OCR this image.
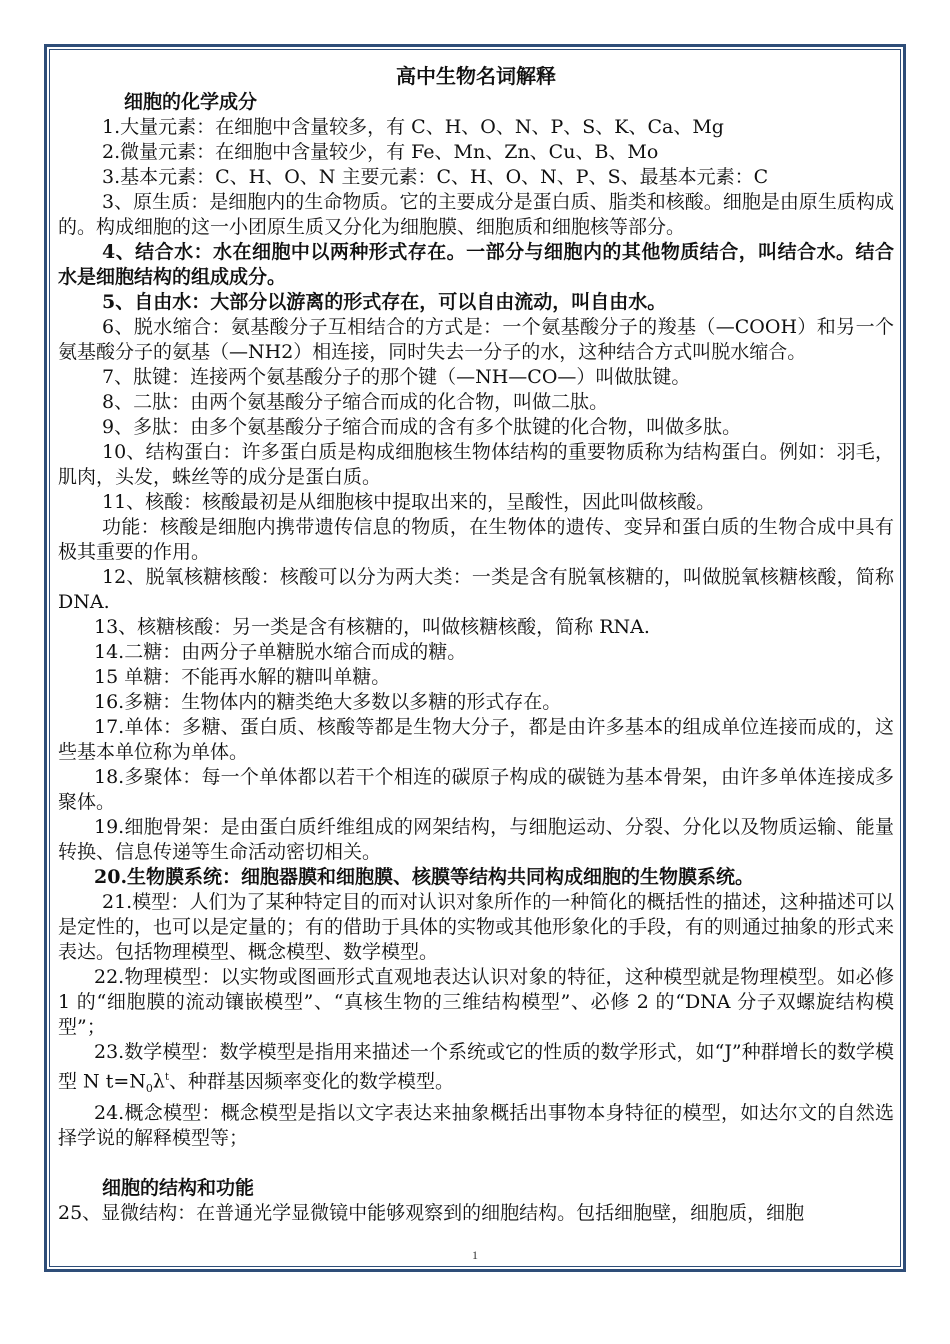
高中生物名词解释

细胞的化学成分

1.大量元素：在细胞中含量较多，有 C、H、O、N、P、S、K、Ca、Mg

2.微量元素：在细胞中含量较少，有 Fe、Mn、Zn、Cu、B、Mo

3.基本元素：C、H、O、N 主要元素：C、H、O、N、P、S、最基本元素：C

3、原生质：是细胞内的生命物质。它的主要成分是蛋白质、脂类和核酸。细胞是由原生质构成的。构成细胞的这一小团原生质又分化为细胞膜、细胞质和细胞核等部分。

4、结合水：水在细胞中以两种形式存在。一部分与细胞内的其他物质结合，叫结合水。结合水是细胞结构的组成成分。

5、自由水：大部分以游离的形式存在，可以自由流动，叫自由水。

6、脱水缩合：氨基酸分子互相结合的方式是：一个氨基酸分子的羧基（—COOH）和另一个氨基酸分子的氨基（—NH2）相连接，同时失去一分子的水，这种结合方式叫脱水缩合。

7、肽键：连接两个氨基酸分子的那个键（—NH—CO—）叫做肽键。

8、二肽：由两个氨基酸分子缩合而成的化合物，叫做二肽。

9、多肽：由多个氨基酸分子缩合而成的含有多个肽键的化合物，叫做多肽。

10、结构蛋白：许多蛋白质是构成细胞核生物体结构的重要物质称为结构蛋白。例如：羽毛，肌肉，头发，蛛丝等的成分是蛋白质。

11、核酸：核酸最初是从细胞核中提取出来的，呈酸性，因此叫做核酸。

功能：核酸是细胞内携带遗传信息的物质，在生物体的遗传、变异和蛋白质的生物合成中具有极其重要的作用。

12、脱氧核糖核酸：核酸可以分为两大类：一类是含有脱氧核糖的，叫做脱氧核糖核酸，简称 DNA.

13、核糖核酸：另一类是含有核糖的，叫做核糖核酸，简称 RNA.

14.二糖：由两分子单糖脱水缩合而成的糖。

15 单糖：不能再水解的糖叫单糖。

16.多糖：生物体内的糖类绝大多数以多糖的形式存在。

17.单体：多糖、蛋白质、核酸等都是生物大分子，都是由许多基本的组成单位连接而成的，这些基本单位称为单体。

18.多聚体：每一个单体都以若干个相连的碳原子构成的碳链为基本骨架，由许多单体连接成多聚体。

19.细胞骨架：是由蛋白质纤维组成的网架结构，与细胞运动、分裂、分化以及物质运输、能量转换、信息传递等生命活动密切相关。

20.生物膜系统：细胞器膜和细胞膜、核膜等结构共同构成细胞的生物膜系统。

21.模型：人们为了某种特定目的而对认识对象所作的一种简化的概括性的描述，这种描述可以是定性的，也可以是定量的；有的借助于具体的实物或其他形象化的手段，有的则通过抽象的形式来表达。包括物理模型、概念模型、数学模型。

22.物理模型：以实物或图画形式直观地表达认识对象的特征，这种模型就是物理模型。如必修 1 的“细胞膜的流动镶嵌模型”、“真核生物的三维结构模型”、必修 2 的“DNA 分子双螺旋结构模型”；

23.数学模型：数学模型是指用来描述一个系统或它的性质的数学形式，如“J”种群增长的数学模型 N $t=N_0\lambda^t$、种群基因频率变化的数学模型。

24.概念模型：概念模型是指以文字表达来抽象概括出事物本身特征的模型，如达尔文的自然选择学说的解释模型等；

细胞的结构和功能

25、显微结构：在普通光学显微镜中能够观察到的细胞结构。包括细胞壁，细胞质，细胞

1
